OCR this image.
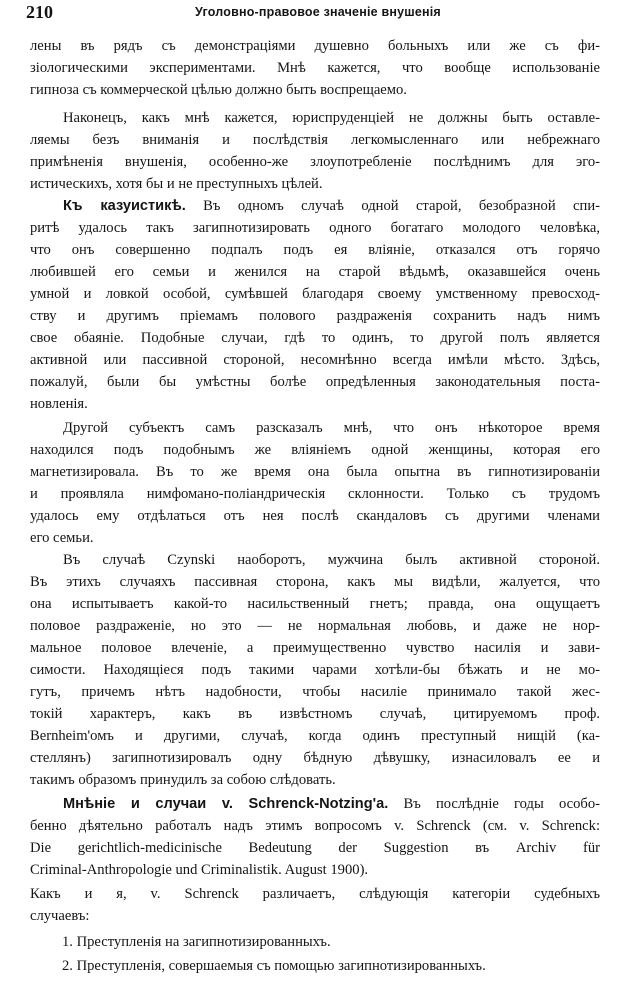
210	Уголовно-правовое значеніе внушенія
лены въ рядъ съ демонстраціями душевно больныхъ или же съ фи-
зіологическими экспериментами. Мнѣ кажется, что вообще использованіе
гипноза съ коммерческой цѣлью должно быть воспрещаемо.
Наконецъ, какъ мнѣ кажется, юриспруденціей не должны быть оставле-
ляемы безъ вниманія и послѣдствія легкомысленнаго или небрежнаго
примѣненія внушенія, особенно-же злоупотребленіе послѣднимъ для эго-
истическихъ, хотя бы и не преступныхъ цѣлей.
Къ казуистикѣ. Въ одномъ случаѣ одной старой, безобразной спи-
ритѣ удалось такъ загипнотизировать одного богатаго молодого человѣка,
что онъ совершенно подпалъ подъ ея вліяніе, отказался отъ горячо
любившей его семьи и женился на старой вѣдьмѣ, оказавшейся очень
умной и ловкой особой, сумѣвшей благодаря своему умственному превосход-
ству и другимъ пріемамъ полового раздраженія сохранить надъ нимъ
свое обаяніе. Подобные случаи, гдѣ то одинъ, то другой полъ является
активной или пассивной стороной, несомнѣнно всегда имѣли мѣсто. Здѣсь,
пожалуй, были бы умѣстны болѣе опредѣленныя законодательныя поста-
новленія.
Другой субъектъ самъ разсказалъ мнѣ, что онъ нѣкоторое время
находился подъ подобнымъ же вліяніемъ одной женщины, которая его
магнетизировала. Въ то же время она была опытна въ гипнотизированіи
и проявляла нимфомано-поліандрическія склонности. Только съ трудомъ
удалось ему отдѣлаться отъ нея послѣ скандаловъ съ другими членами
его семьи.
Въ случаѣ Czynski наоборотъ, мужчина былъ активной стороной.
Въ этихъ случаяхъ пассивная сторона, какъ мы видѣли, жалуется, что
она испытываетъ какой-то насильственный гнетъ; правда, она ощущаетъ
половое раздраженіе, но это — не нормальная любовь, и даже не нор-
мальное половое влеченіе, а преимущественно чувство насилія и зави-
симости. Находящіеся подъ такими чарами хотѣли-бы бѣжать и не мо-
гутъ, причемъ нѣтъ надобности, чтобы насиліе принимало такой жес-
токій характеръ, какъ въ извѣстномъ случаѣ, цитируемомъ проф.
Bernheim'омъ и другими, случаѣ, когда одинъ преступный нищій (ка-
стеллянъ) загипнотизировалъ одну бѣдную дѣвушку, изнасиловалъ ее и
такимъ образомъ принудилъ за собою слѣдовать.
Мнѣніе и случаи v. Schrenck-Notzing'a. Въ послѣдніе годы особо-
бенно дѣятельно работалъ надъ этимъ вопросомъ v. Schrenck (см. v. Schrenck:
Die gerichtlich-medicinische Bedeutung der Suggestion въ Archiv für
Criminal-Anthropologie und Criminalistik. August 1900).
Какъ и я, v. Schrenck различаетъ, слѣдующія категоріи судебныхъ
случаевъ:
1. Преступленія на загипнотизированныхъ.
2. Преступленія, совершаемыя съ помощью загипнотизированныхъ.
